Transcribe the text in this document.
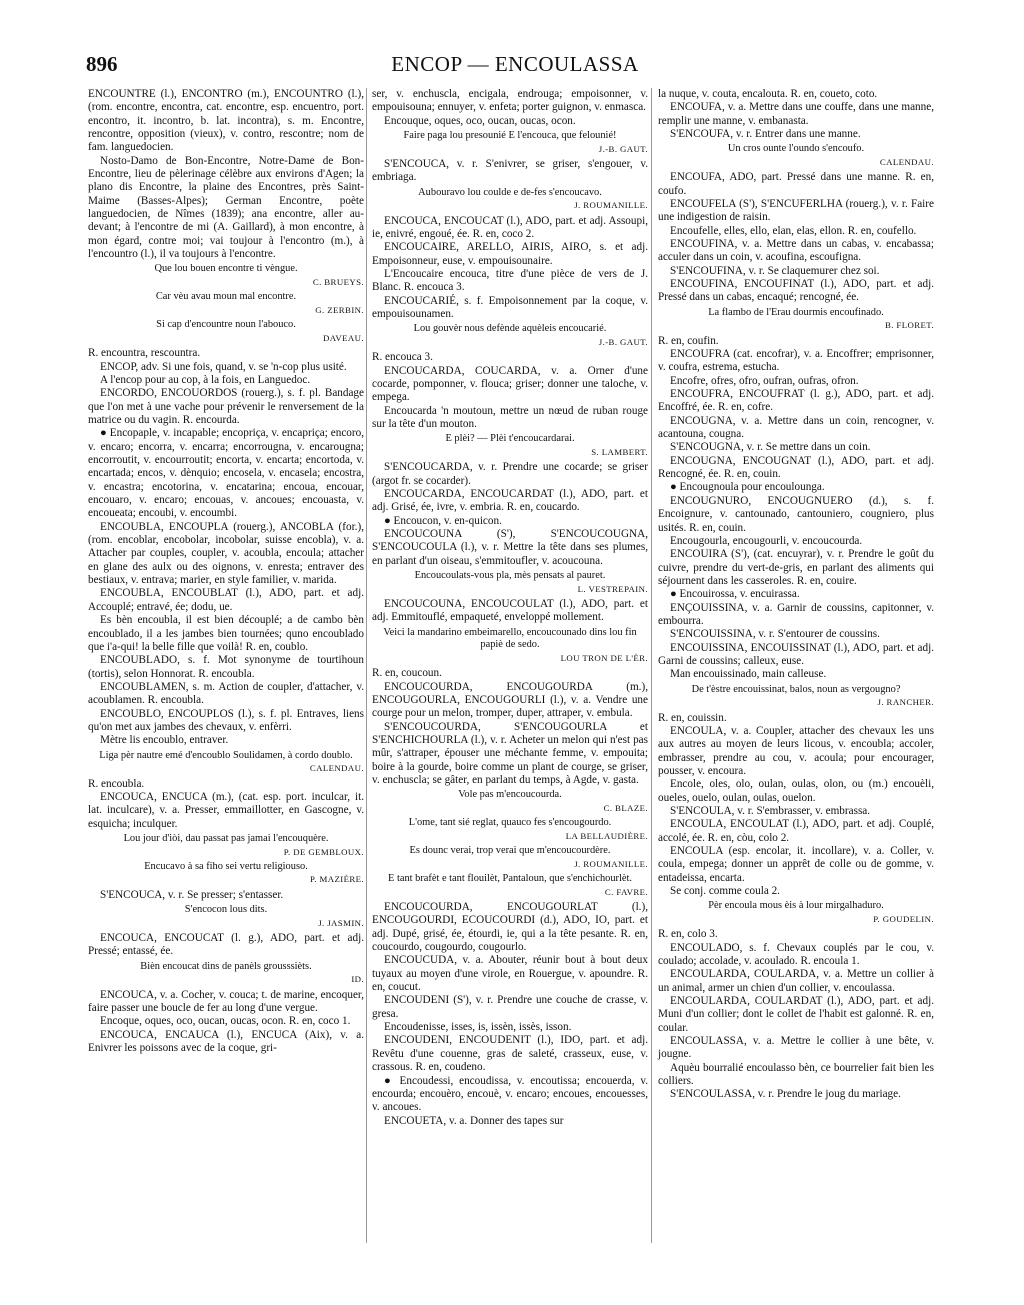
896	ENCOP — ENCOULASSA

ENCOUNTRE (l.), ENCONTRO (m.), ENCOUNTRO (l.), (rom. encontre, encontra, cat. encontre, esp. encuentro, port. encontro, it. incontro, b. lat. incontra), s. m. Encontre, rencontre, opposition (vieux), v. contro, rescontre; nom de fam. languedocien.

Nosto-Damo de Bon-Encontre, Notre-Dame de Bon-Encontre, lieu de pèlerinage célèbre aux environs d'Agen; la plano dis Encontre, la plaine des Encontres, près Saint-Maime (Basses-Alpes); German Encontre, poète languedocien, de Nîmes (1839); ana encontre, aller au-devant; à l'encontre de mi (A. Gaillard), à mon encontre, à mon égard, contre moi; vai toujour à l'encontro (m.), à l'encountro (l.), il va toujours à l'encontre.

Que lou bouen encontre ti vèngue.

C. BRUEYS.

Car vèu avau moun mal encontre.

G. ZERBIN.

Si cap d'encountre noun l'abouco.

DAVEAU.

R. encountra, rescountra.

ENCOP, adv. Si une fois, quand, v. se 'n-cop plus usité.

A l'encop pour au cop, à la fois, en Languedoc.

ENCORDO, ENCOUORDOS (rouerg.), s. f. pl. Bandage que l'on met à une vache pour prévenir le renversement de la matrice ou du vagin. R. encourda.

● Encopaple, v. incapable; encopriça, v. encapriça; encoro, v. encaro; encorra, v. encarra; encorrougna, v. encarougna; encorroutit, v. encourroutit; encorta, v. encarta; encortoda, v. encartada; encos, v. dènquio; encosela, v. encasela; encostra, v. encastra; encotorina, v. encatarina; encoua, encouar, encouaro, v. encaro; encouas, v. ancoues; encouasta, v. encoueata; encoubi, v. encoumbi.

ENCOUBLA, ENCOUPLA (rouerg.), ANCOBLA (for.), (rom. encoblar, encobolar, incobolar, suisse encobla), v. a. Attacher par couples, coupler, v. acoubla, encoula; attacher en glane des aulx ou des oignons, v. enresta; entraver des bestiaux, v. entrava; marier, en style familier, v. marida.

ENCOUBLA, ENCOUBLAT (l.), ADO, part. et adj. Accouplé; entravé, ée; dodu, ue.

Es bèn encoubla, il est bien découplé; a de cambo bèn encoublado, il a les jambes bien tournées; quno encoublado que i'a-qui! la belle fille que voilà! R. en, coublo.

ENCOUBLADO, s. f. Mot synonyme de tourtihoun (tortis), selon Honnorat. R. encoubla.

ENCOUBLAMEN, s. m. Action de coupler, d'attacher, v. acoublamen. R. encoubla.

ENCOUBLO, ENCOUPLOS (l.), s. f. pl. Entraves, liens qu'on met aux jambes des chevaux, v. enfèrri.

Mètre lis encoublo, entraver.

Liga pèr nautre emé d'encoublo Soulidamen, à cordo doublo.

CALENDAU.

R. encoubla.

ENCOUCA, ENCUCA (m.), (cat. esp. port. inculcar, it. lat. inculcare), v. a. Presser, emmaillotter, en Gascogne, v. esquicha; inculquer.

Lou jour d'iòi, dau passat pas jamai l'encouquère.

P. DE GEMBLOUX.

Encucavo à sa fiho sei vertu religiouso.

P. MAZIÈRE.

S'ENCOUCA, v. r. Se presser; s'entasser.

S'encocon lous dits.

J. JASMIN.

ENCOUCA, ENCOUCAT (l. g.), ADO, part. et adj. Pressé; entassé, ée.

Bièn encoucat dins de panèls grousssièts.

ID.

ENCOUCA, v. a. Cocher, v. couca; t. de marine, encoquer, faire passer une boucle de fer au long d'une vergue.

Encoque, oques, oco, oucan, oucas, ocon. R. en, coco 1.

ENCOUCA, ENCAUCA (l.), ENCUCA (Aix), v. a. Enivrer les poissons avec de la coque, gri-

ser, v. enchuscla, encigala, endrouga; empoisonner, v. empouisouna; ennuyer, v. enfeta; porter guignon, v. enmasca.

Encouque, oques, oco, oucan, oucas, ocon.

Faire paga lou presounié E l'encouca, que felounié!

J.-B. GAUT.

S'ENCOUCA, v. r. S'enivrer, se griser, s'engouer, v. embriaga.

Aubouravo lou coulde e de-fes s'encoucavo.

J. ROUMANILLE.

ENCOUCA, ENCOUCAT (l.), ADO, part. et adj. Assoupi, ie, enivré, engoué, ée. R. en, coco 2.

ENCOUCAIRE, ARELLO, AIRIS, AIRO, s. et adj. Empoisonneur, euse, v. empouisounaire.

L'Encoucaire encouca, titre d'une pièce de vers de J. Blanc. R. encouca 3.

ENCOUCARIÉ, s. f. Empoisonnement par la coque, v. empouisounamen.

Lou gouvèr nous defènde aquèleis encoucarié.

J.-B. GAUT.

R. encouca 3.

ENCOUCARDA, COUCARDA, v. a. Orner d'une cocarde, pomponner, v. flouca; griser; donner une taloche, v. empega.

Encoucarda 'n moutoun, mettre un nœud de ruban rouge sur la tête d'un mouton.

E plèi? — Plèi t'encoucardarai.

S. LAMBERT.

S'ENCOUCARDA, v. r. Prendre une cocarde; se griser (argot fr. se cocarder).

ENCOUCARDA, ENCOUCARDAT (l.), ADO, part. et adj. Grisé, ée, ivre, v. embria. R. en, coucardo.

● Encoucon, v. en-quicon.

ENCOUCOUNA (S'), S'ENCOUCOUGNA, S'ENCOUCOULA (l.), v. r. Mettre la tête dans ses plumes, en parlant d'un oiseau, s'emmitoufler, v. acoucouna.

Encoucoulats-vous pla, mès pensats al pauret.

L. VESTREPAIN.

ENCOUCOUNA, ENCOUCOULAT (l.), ADO, part. et adj. Emmitouflé, empaqueté, enveloppé mollement.

Veici la mandarino embeimarello, encoucounado dins lou fin papiè de sedo.

LOU TRON DE L'ÈR.

R. en, coucoun.

ENCOUCOURDA, ENCOUGOURDA (m.), ENCOUGOURLA, ENCOUGOURLI (l.), v. a. Vendre une courge pour un melon, tromper, duper, attraper, v. embula.

S'ENCOUCOURDA, S'ENCOUGOURLA et S'ENCHICHOURLA (l.), v. r. Acheter un melon qui n'est pas mûr, s'attraper, épouser une méchante femme, v. empouita; boire à la gourde, boire comme un plant de courge, se griser, v. enchuscla; se gâter, en parlant du temps, à Agde, v. gasta.

Vole pas m'encoucourda.

C. BLAZE.

L'ome, tant sié reglat, quauco fes s'encougourdo.

LA BELLAUDIÈRE.

Es dounc verai, trop verai que m'encoucourdère.

J. ROUMANILLE.

E tant brafèt e tant flouilèt, Pantaloun, que s'enchichourlèt.

C. FAVRE.

ENCOUCOURDA, ENCOUGOURLAT (l.), ENCOUGOURDI, ECOUCOURDI (d.), ADO, IO, part. et adj. Dupé, grisé, ée, étourdi, ie, qui a la tête pesante. R. en, coucourdo, cougourdo, cougourlo.

ENCOUCUDA, v. a. Abouter, réunir bout à bout deux tuyaux au moyen d'une virole, en Rouergue, v. apoundre. R. en, coucut.

ENCOUDENI (S'), v. r. Prendre une couche de crasse, v. gresa.

Encoudenisse, isses, is, issèn, issès, isson.

ENCOUDENI, ENCOUDENIT (l.), IDO, part. et adj. Revêtu d'une couenne, gras de saleté, crasseux, euse, v. crassous. R. en, coudeno.

● Encoudessi, encoudissa, v. encoutissa; encouerda, v. encourda; encouèro, encouè, v. encaro; encoues, encouesses, v. ancoues.

ENCOUETA, v. a. Donner des tapes sur

la nuque, v. couta, encalouta. R. en, coueto, coto.

ENCOUFA, v. a. Mettre dans une couffe, dans une manne, remplir une manne, v. embanasta.

S'ENCOUFA, v. r. Entrer dans une manne.

Un cros ounte l'oundo s'encoufo.

CALENDAU.

ENCOUFA, ADO, part. Pressé dans une manne. R. en, coufo.

ENCOUFELA (S'), S'ENCUFERLHA (rouerg.), v. r. Faire une indigestion de raisin.

Encoufelle, elles, ello, elan, elas, ellon. R. en, coufello.

ENCOUFINA, v. a. Mettre dans un cabas, v. encabassa; acculer dans un coin, v. acoufina, escoufigna.

S'ENCOUFINA, v. r. Se claquemurer chez soi.

ENCOUFINA, ENCOUFINAT (l.), ADO, part. et adj. Pressé dans un cabas, encaqué; rencogné, ée.

La flambo de l'Erau dourmis encoufinado.

B. FLORET.

R. en, coufin.

ENCOUFRA (cat. encofrar), v. a. Encoffrer; emprisonner, v. coufra, estrema, estucha.

Encofre, ofres, ofro, oufran, oufras, ofron.

ENCOUFRA, ENCOUFRAT (l. g.), ADO, part. et adj. Encoffré, ée. R. en, cofre.

ENCOUGNA, v. a. Mettre dans un coin, rencogner, v. acantouna, cougna.

S'ENCOUGNA, v. r. Se mettre dans un coin.

ENCOUGNA, ENCOUGNAT (l.), ADO, part. et adj. Rencogné, ée. R. en, couin.

● Encougnoula pour encouloungа.

ENCOUGNURO, ENCOUGNUERO (d.), s. f. Encoignure, v. cantounado, cantouniero, cougniero, plus usités. R. en, couin.

Encougourla, encougourli, v. encoucourda.

ENCOUIRA (S'), (cat. encuyrar), v. r. Prendre le goût du cuivre, prendre du vert-de-gris, en parlant des aliments qui séjournent dans les casseroles. R. en, couire.

● Encouirossa, v. encuirassa.

ENÇOUISSINA, v. a. Garnir de coussins, capitonner, v. embourra.

S'ENCOUISSINA, v. r. S'entourer de coussins.

ENCOUISSINA, ENCOUISSINAT (l.), ADO, part. et adj. Garni de coussins; calleux, euse.

Man encouissinado, main calleuse.

De t'èstre encouissinat, balos, noun as vergougno?

J. RANCHER.

R. en, couissin.

ENCOULA, v. a. Coupler, attacher des chevaux les uns aux autres au moyen de leurs licous, v. encoubla; accoler, embrasser, prendre au cou, v. acoula; pour encourager, pousser, v. encoura.

Encole, oles, olo, oulan, oulas, olon, ou (m.) encouèli, oueles, ouelo, oulan, oulas, ouelon.

S'ENCOULA, v. r. S'embrasser, v. embrassa.

ENCOULA, ENCOULAT (l.), ADO, part. et adj. Couplé, accolé, ée. R. en, còu, colo 2.

ENCOULA (esp. encolar, it. incollare), v. a. Coller, v. coula, empega; donner un apprêt de colle ou de gomme, v. entadeissa, encarta.

Se conj. comme coula 2.

Pèr encoula mous èis à lour mirgalhaduro.

P. GOUDELIN.

R. en, colo 3.

ENCOULADO, s. f. Chevaux couplés par le cou, v. coulado; accolade, v. acoulado. R. encoula 1.

ENCOULARDA, COULARDA, v. a. Mettre un collier à un animal, armer un chien d'un collier, v. encoulassa.

ENCOULARDA, COULARDAT (l.), ADO, part. et adj. Muni d'un collier; dont le collet de l'habit est galonné. R. en, coular.

ENCOULASSA, v. a. Mettre le collier à une bête, v. jougne.

Aquèu bourralié encoulasso bèn, ce bourrelier fait bien les colliers.

S'ENCOULASSA, v. r. Prendre le joug du mariage.
